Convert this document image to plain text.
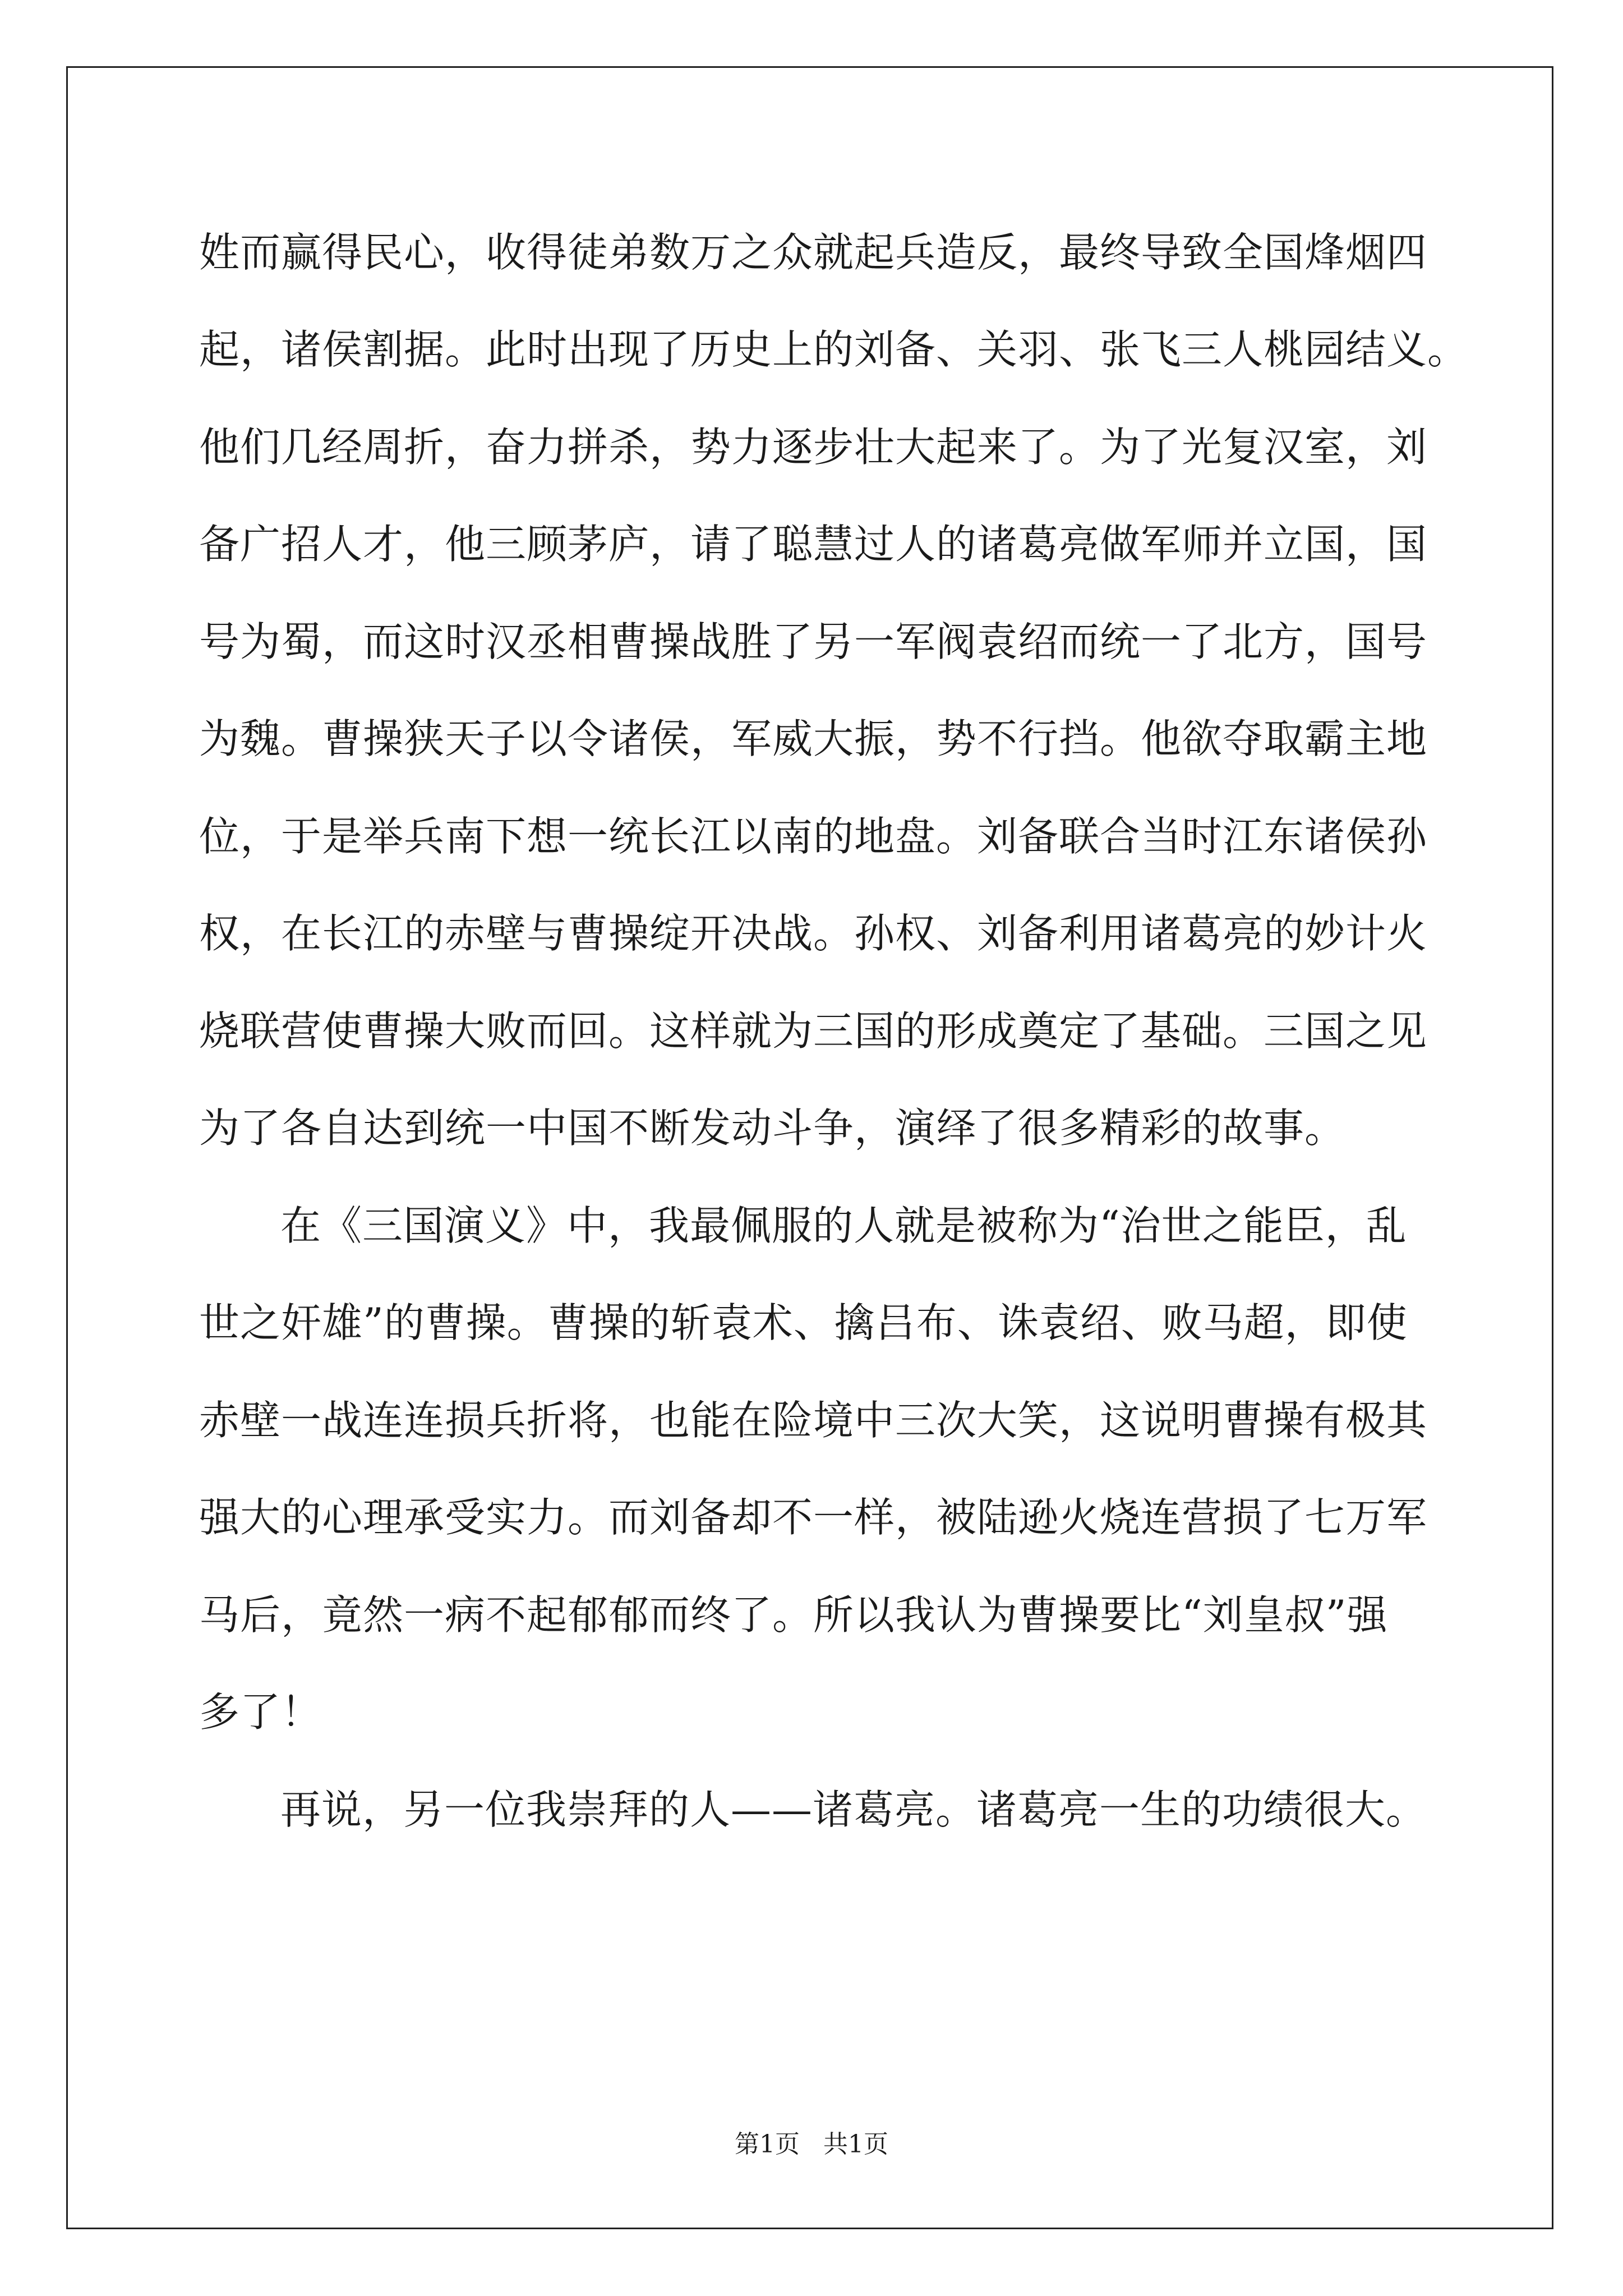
姓而赢得民心，收得徒弟数万之众就起兵造反，最终导致全国烽烟四
起，诸侯割据。此时出现了历史上的刘备、关羽、张飞三人桃园结义。
他们几经周折，奋力拼杀，势力逐步壮大起来了。为了光复汉室，刘
备广招人才，他三顾茅庐，请了聪慧过人的诸葛亮做军师并立国，国
号为蜀，而这时汉丞相曹操战胜了另一军阀袁绍而统一了北方，国号
为魏。曹操狭天子以令诸侯，军威大振，势不行挡。他欲夺取霸主地
位，于是举兵南下想一统长江以南的地盘。刘备联合当时江东诸侯孙
权，在长江的赤壁与曹操绽开决战。孙权、刘备利用诸葛亮的妙计火
烧联营使曹操大败而回。这样就为三国的形成奠定了基础。三国之见
为了各自达到统一中国不断发动斗争，演绎了很多精彩的故事。
在《三国演义》中，我最佩服的人就是被称为“治世之能臣，乱
世之奸雄”的曹操。曹操的斩袁术、擒吕布、诛袁绍、败马超，即使
赤壁一战连连损兵折将，也能在险境中三次大笑，这说明曹操有极其
强大的心理承受实力。而刘备却不一样，被陆逊火烧连营损了七万军
马后，竟然一病不起郁郁而终了。所以我认为曹操要比“刘皇叔”强
多了！
再说，另一位我崇拜的人——诸葛亮。诸葛亮一生的功绩很大。
第1页   共1页
